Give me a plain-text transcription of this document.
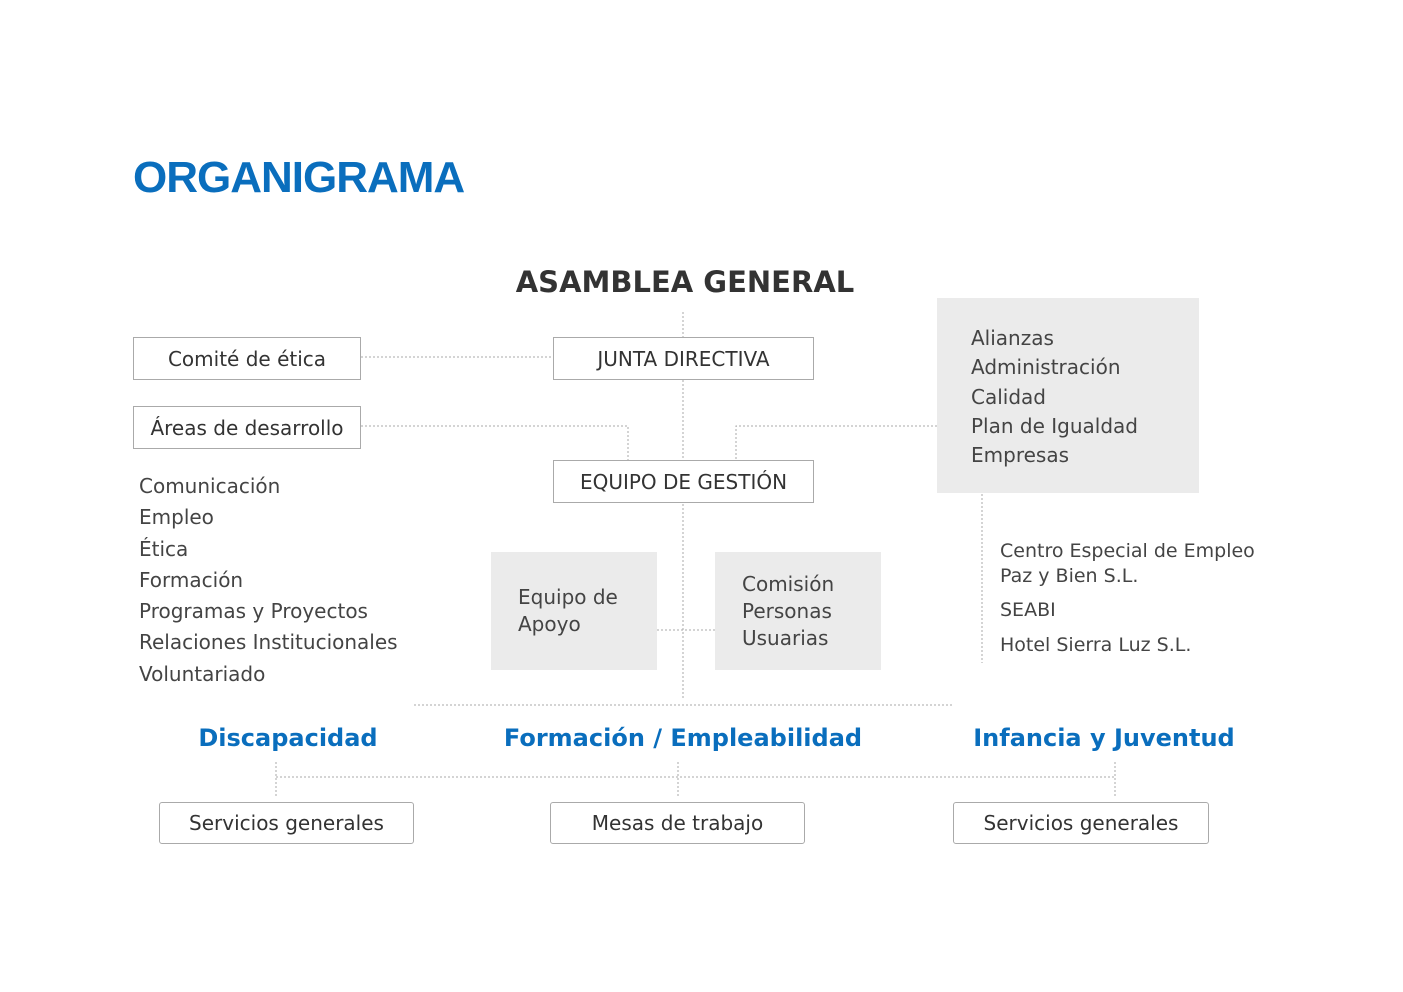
ORGANIGRAMA
ASAMBLEA GENERAL
JUNTA DIRECTIVA
Comité de ética
Áreas de desarrollo
Comunicación
Empleo
Ética
Formación
Programas y Proyectos
Relaciones Institucionales
Voluntariado
EQUIPO DE GESTIÓN
Alianzas
Administración
Calidad
Plan de Igualdad
Empresas
Centro Especial de Empleo
Paz y Bien S.L.
SEABI
Hotel Sierra Luz S.L.
Equipo de
Apoyo
Comisión
Personas
Usuarias
Discapacidad	Formación / Empleabilidad	Infancia y Juventud
Servicios generales	Mesas de trabajo	Servicios generales
